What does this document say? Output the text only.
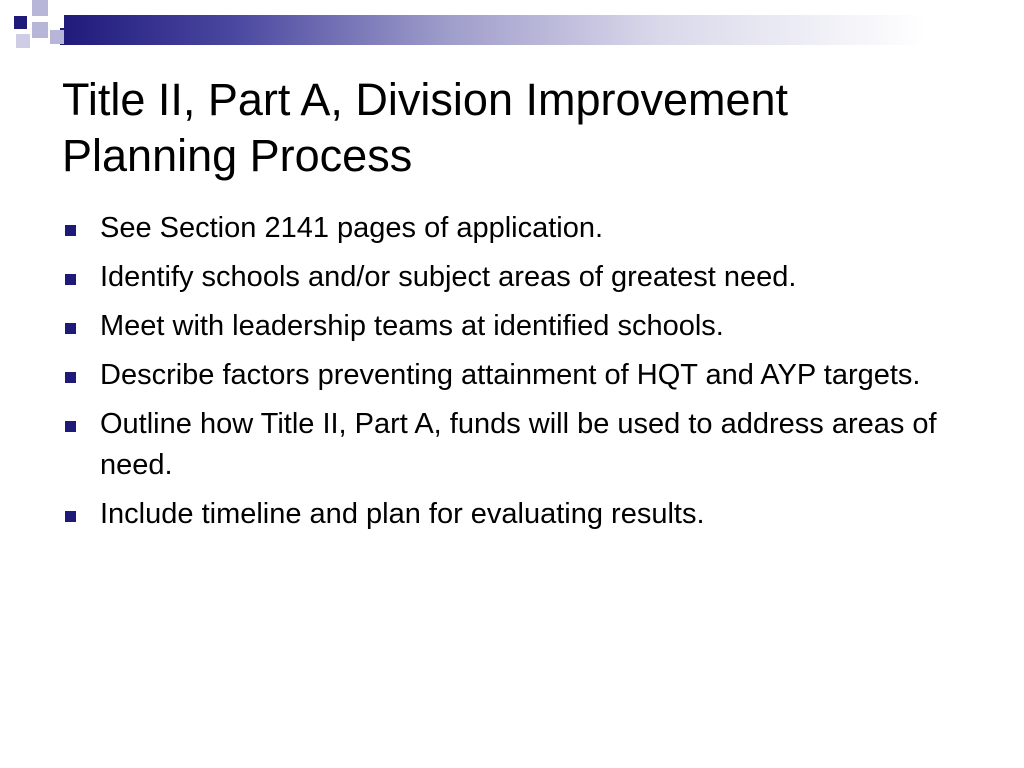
Title II, Part A, Division Improvement Planning Process
See Section 2141 pages of application.
Identify schools and/or subject areas of greatest need.
Meet with leadership teams at identified schools.
Describe factors preventing attainment of HQT and AYP targets.
Outline how Title II, Part A, funds will be used to address areas of need.
Include timeline and plan for evaluating results.
